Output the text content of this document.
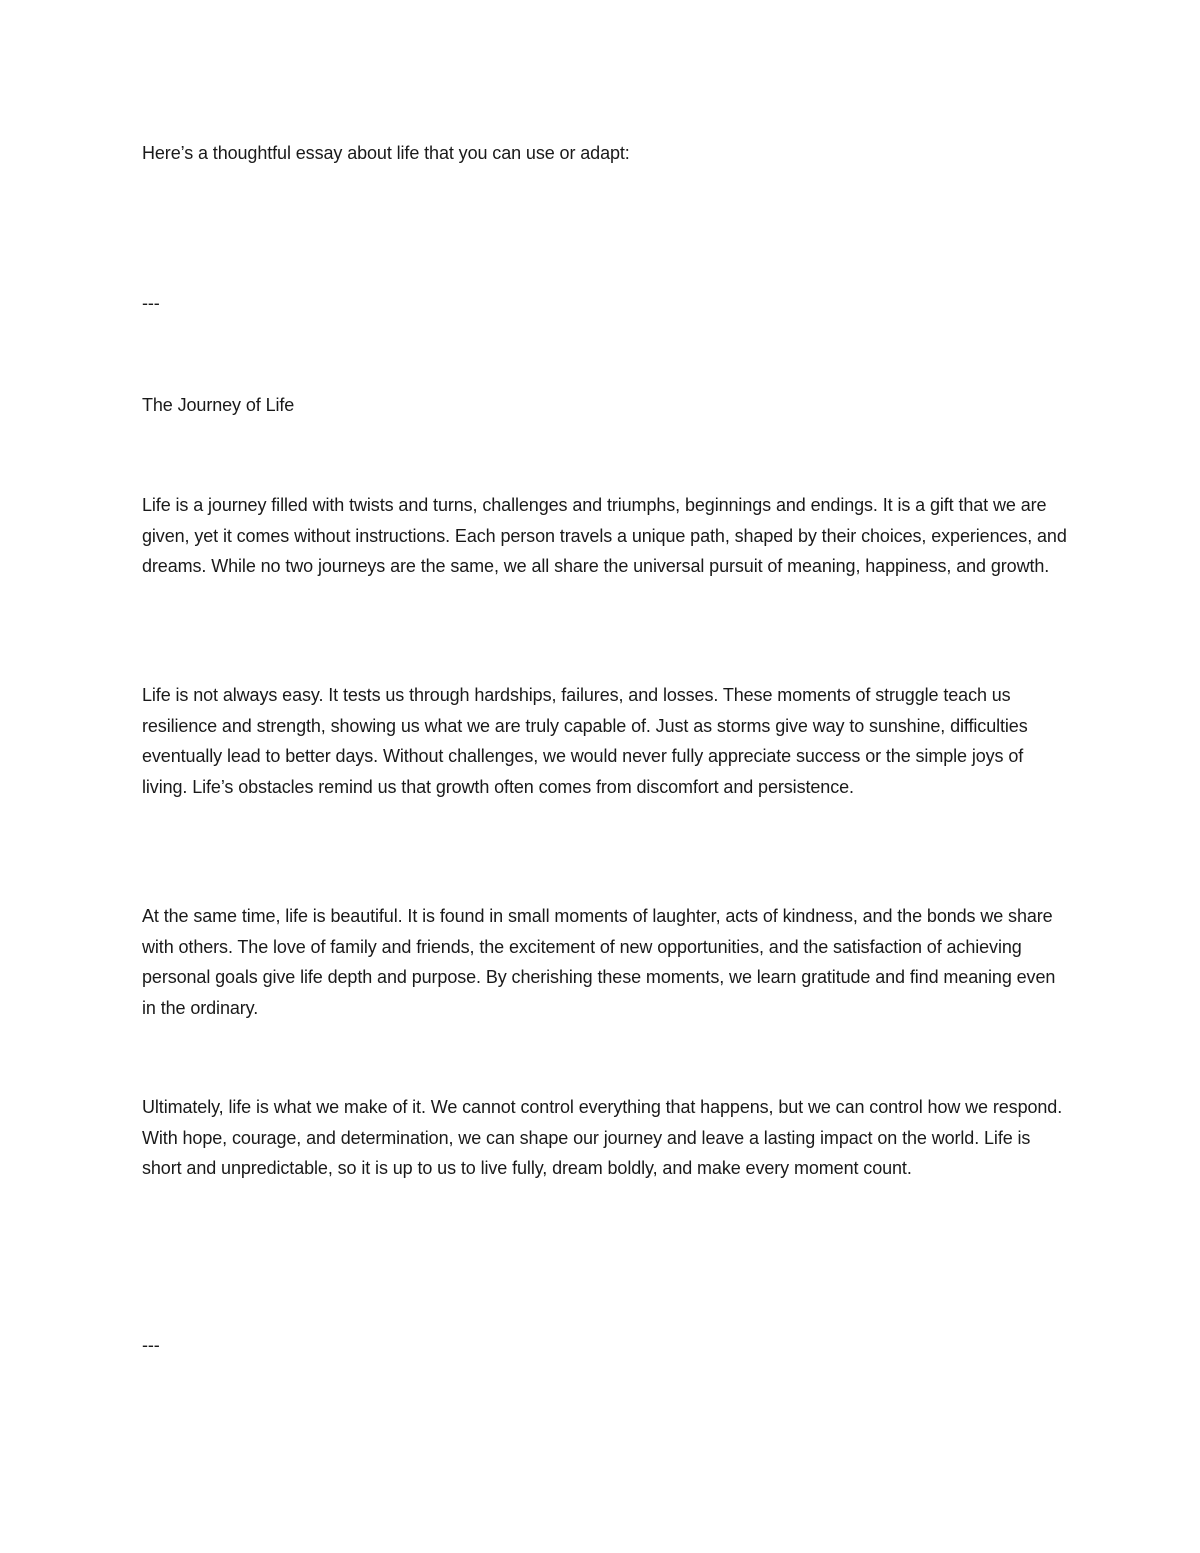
Here’s a thoughtful essay about life that you can use or adapt:

---

The Journey of Life

Life is a journey filled with twists and turns, challenges and triumphs, beginnings and endings. It is a gift that we are given, yet it comes without instructions. Each person travels a unique path, shaped by their choices, experiences, and dreams. While no two journeys are the same, we all share the universal pursuit of meaning, happiness, and growth.

Life is not always easy. It tests us through hardships, failures, and losses. These moments of struggle teach us resilience and strength, showing us what we are truly capable of. Just as storms give way to sunshine, difficulties eventually lead to better days. Without challenges, we would never fully appreciate success or the simple joys of living. Life’s obstacles remind us that growth often comes from discomfort and persistence.

At the same time, life is beautiful. It is found in small moments of laughter, acts of kindness, and the bonds we share with others. The love of family and friends, the excitement of new opportunities, and the satisfaction of achieving personal goals give life depth and purpose. By cherishing these moments, we learn gratitude and find meaning even in the ordinary.

Ultimately, life is what we make of it. We cannot control everything that happens, but we can control how we respond. With hope, courage, and determination, we can shape our journey and leave a lasting impact on the world. Life is short and unpredictable, so it is up to us to live fully, dream boldly, and make every moment count.

---
